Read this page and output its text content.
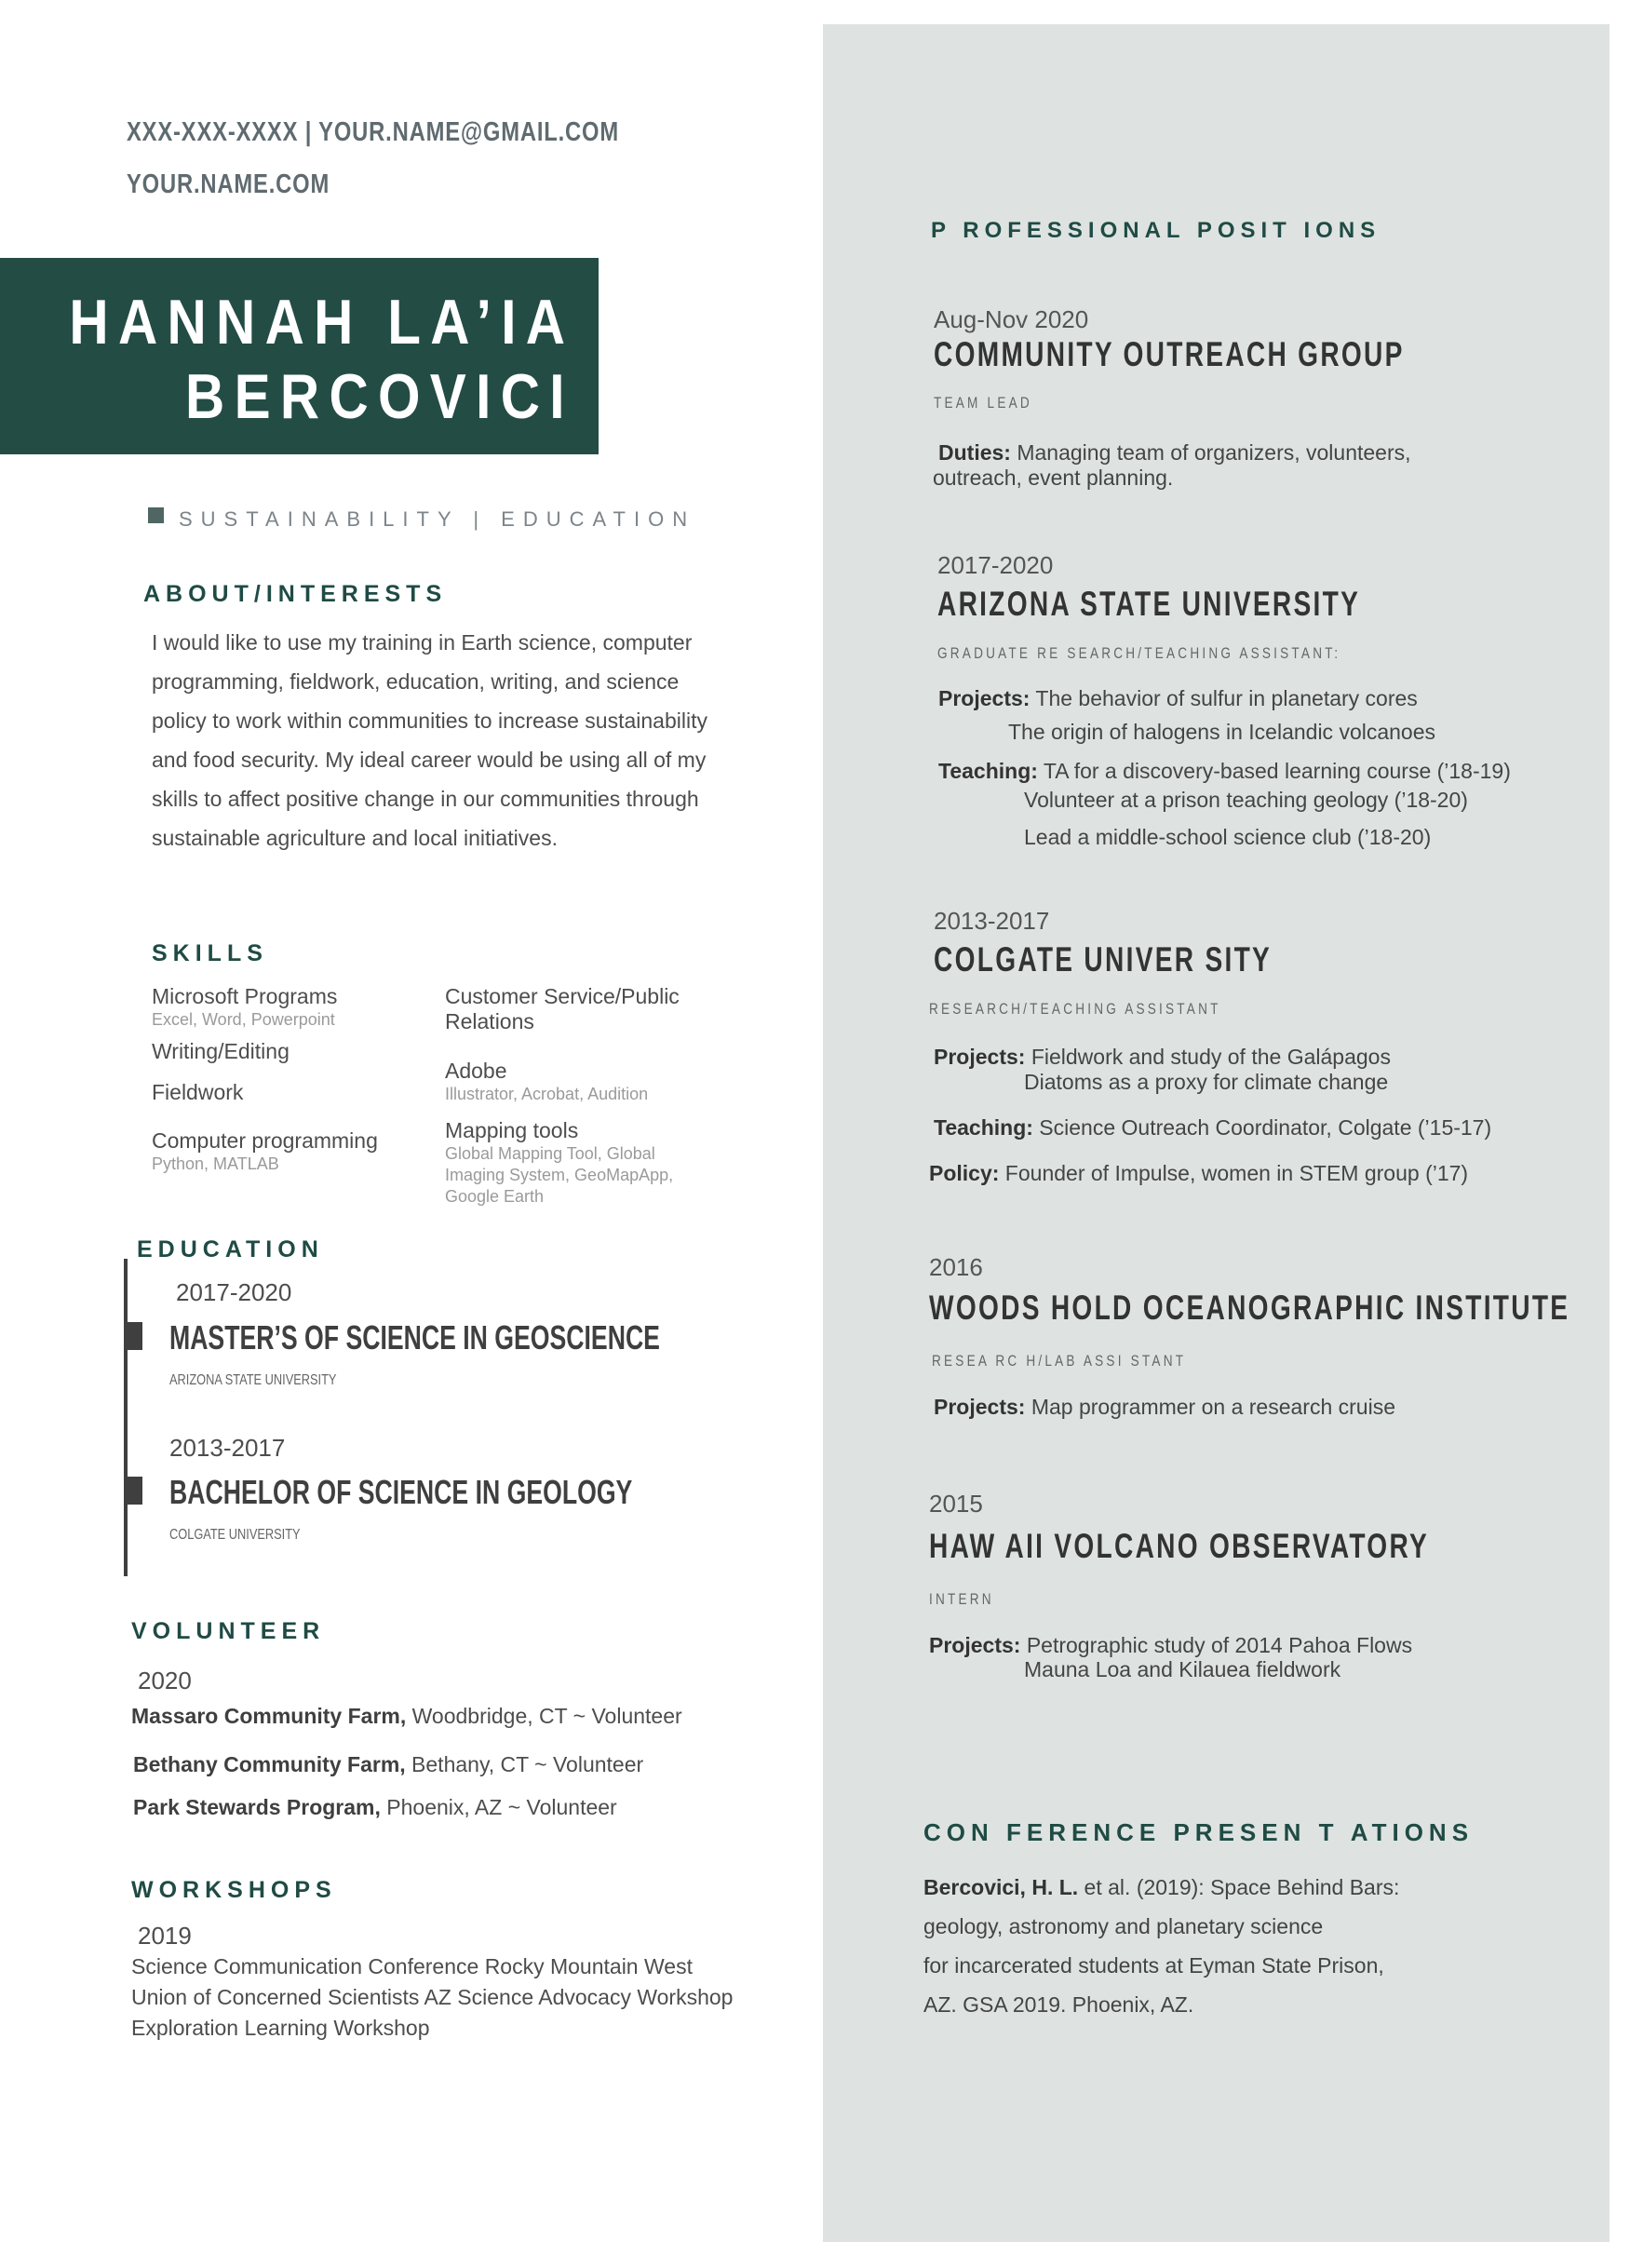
XXX-XXX-XXXX | YOUR.NAME@GMAIL.COM
YOUR.NAME.COM
HANNAH LA’IA
BERCOVICI
SUSTAINABILITY | EDUCATION
ABOUT/INTERESTS
I would like to use my training in Earth science, computer
programming, fieldwork, education, writing, and science
policy to work within communities to increase sustainability
and food security. My ideal career would be using all of my
skills to affect positive change in our communities through
sustainable agriculture and local initiatives.
SKILLS
Microsoft Programs
Excel, Word, Powerpoint
Writing/Editing
Fieldwork
Computer programming
Python, MATLAB
Customer Service/Public
Relations
Adobe
Illustrator, Acrobat, Audition
Mapping tools
Global Mapping Tool, Global
Imaging System, GeoMapApp,
Google Earth
EDUCATION
2017-2020
MASTER’S OF SCIENCE IN GEOSCIENCE
ARIZONA STATE UNIVERSITY
2013-2017
BACHELOR OF SCIENCE IN GEOLOGY
COLGATE UNIVERSITY
VOLUNTEER
2020
Massaro Community Farm, Woodbridge, CT ~ Volunteer
Bethany Community Farm, Bethany, CT ~ Volunteer
Park Stewards Program, Phoenix, AZ ~ Volunteer
WORKSHOPS
2019
Science Communication Conference Rocky Mountain West
Union of Concerned Scientists AZ Science Advocacy Workshop
Exploration Learning Workshop
P ROFESSIONAL POSIT IONS
Aug-Nov 2020
COMMUNITY OUTREACH GROUP
TEAM LEAD
Duties: Managing team of organizers, volunteers,
outreach, event planning.
2017-2020
ARIZONA STATE UNIVERSITY
GRADUATE RE SEARCH/TEACHING ASSISTANT:
Projects: The behavior of sulfur in planetary cores
The origin of halogens in Icelandic volcanoes
Teaching: TA for a discovery-based learning course (’18-19)
Volunteer at a prison teaching geology (’18-20)
Lead a middle-school science club (’18-20)
2013-2017
COLGATE UNIVER SITY
RESEARCH/TEACHING ASSISTANT
Projects: Fieldwork and study of the Galápagos
Diatoms as a proxy for climate change
Teaching: Science Outreach Coordinator, Colgate (’15-17)
Policy: Founder of Impulse, women in STEM group (’17)
2016
WOODS HOLD OCEANOGRAPHIC INSTITUTE
RESEA RC H/LAB ASSI STANT
Projects: Map programmer on a research cruise
2015
HAW AII VOLCANO OBSERVATORY
INTERN
Projects: Petrographic study of 2014 Pahoa Flows
Mauna Loa and Kilauea fieldwork
CON FERENCE PRESEN T ATIONS
Bercovici, H. L. et al. (2019): Space Behind Bars:
geology, astronomy and planetary science
for incarcerated students at Eyman State Prison,
AZ. GSA 2019. Phoenix, AZ.
